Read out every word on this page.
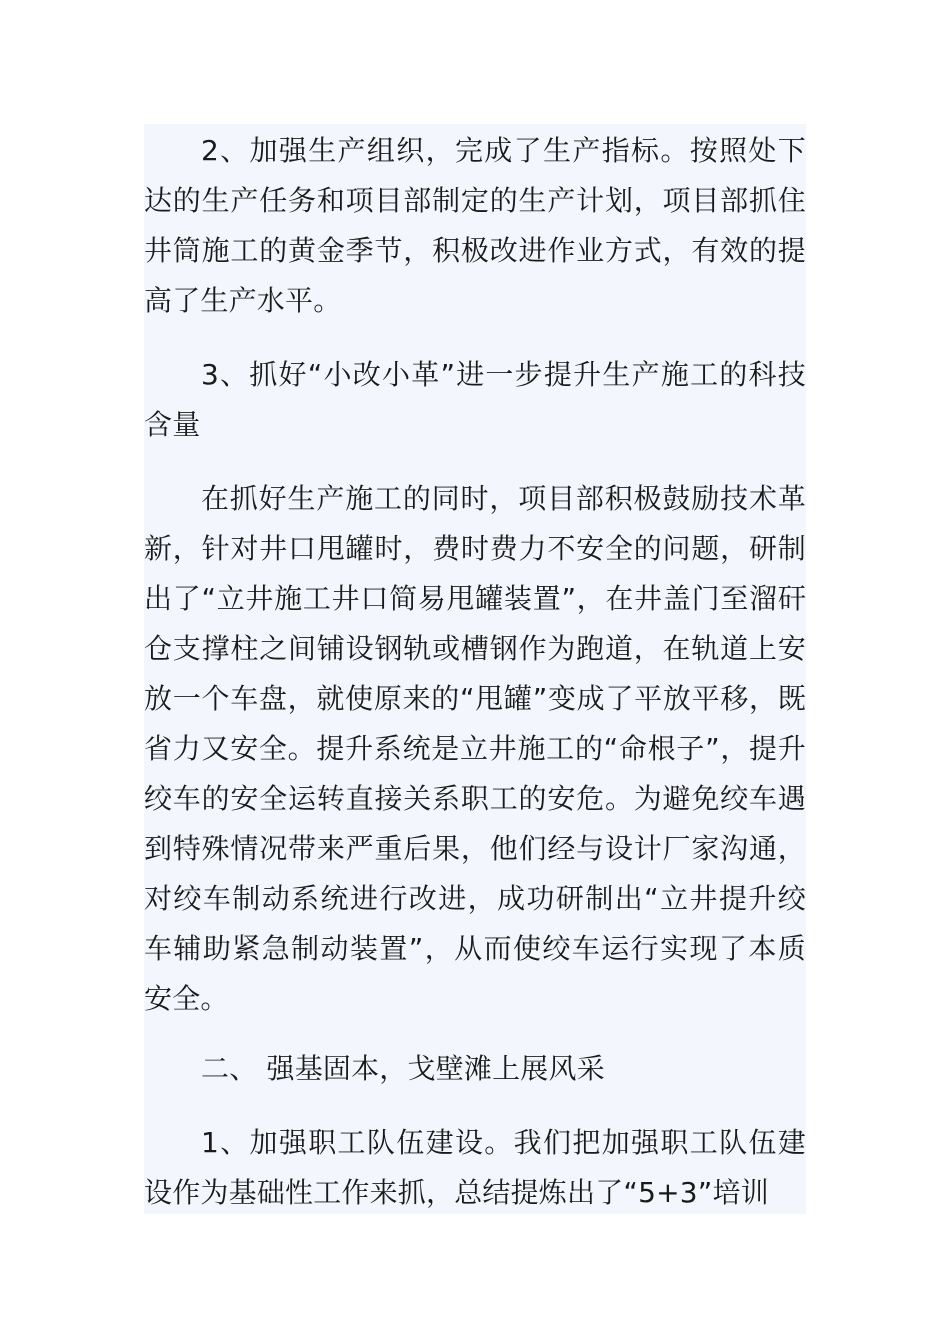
2、加强生产组织，完成了生产指标。按照处下达的生产任务和项目部制定的生产计划，项目部抓住井筒施工的黄金季节，积极改进作业方式，有效的提高了生产水平。

3、抓好“小改小革”进一步提升生产施工的科技含量

在抓好生产施工的同时，项目部积极鼓励技术革新，针对井口甩罐时，费时费力不安全的问题，研制出了“立井施工井口简易甩罐装置”，在井盖门至溜矸仓支撑柱之间铺设钢轨或槽钢作为跑道，在轨道上安放一个车盘，就使原来的“甩罐”变成了平放平移，既省力又安全。提升系统是立井施工的“命根子”，提升绞车的安全运转直接关系职工的安危。为避免绞车遇到特殊情况带来严重后果，他们经与设计厂家沟通，对绞车制动系统进行改进，成功研制出“立井提升绞车辅助紧急制动装置”，从而使绞车运行实现了本质安全。

二、 强基固本，戈壁滩上展风采

1、加强职工队伍建设。我们把加强职工队伍建设作为基础性工作来抓，总结提炼出了“5+3”培训
